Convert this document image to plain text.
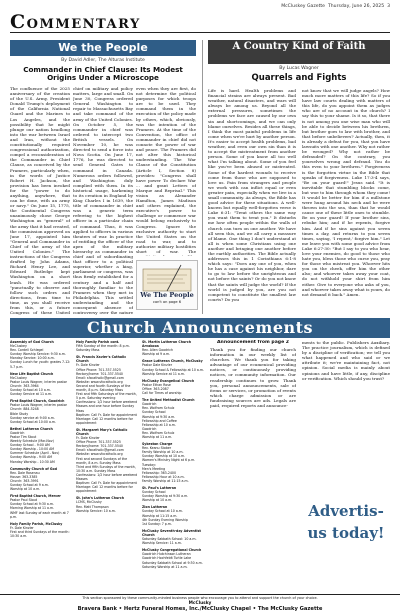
McCluskey Gazette
Thursday, June 26, 2025
3
Commentary
We the People
By David Adler, The Alturas Institute
Commander in Chief Clause: Its Modest Origins Under a Microscope

The confluence of the 2025 anniversary of the creation of the U.S. Army, President Donald Trump's deployment of the California National Guard and the Marines to Los Angeles, and the possibility that he might plunge our nation headlong into the war between Israel and Iran, without the constitutionally required congressional authorization, compel a reconsideration of the Commander in Chief Clause, as conceived by the Framers, particularly when, in the words of Justice Robert H. Jackson, the provision has been invoked for the "power to do anything, anywhere, that can be done, with an army or navy." On June 15, 1775, the Continental Congress unanimously chose George Washington as "general" of the army that it had created, the commission approved on June 17, appointed him "General and Commander in Chief of the army of the United Colonies." The instructions of the Congress drafted by John Adams, Richard Henry Lee, and Edward Rutledge kept Washington on a short leash. He was ordered "punctually to observe and follow such orders and directions, from time to time, as you shall receive from this, or a future Congress of these United

chief on military and policy matters, large and small. On June 30, Congress ordered General Washington to repair to Massachusetts Bay and take command of the army of the United Colonies. On October 5, the commander in chief was ordered to intercept two British vessels. On November 10, he was directed to send a force into Nova Scotia. On June 17, 1776, he was directed to send General Gates to command in Canada. Numerous orders followed, and Washington duly complied with them. In its historical usage, harkening to its creation in England by King Charles I in 1639, the title of commander in chief was a generic term referring to the highest officer in a particular chain of command. Thus, it was applied to officers in various theaters of war. In practice of entitling the officer of the apex of the military hierarchy as commander in chief and of subordinating that officer to a political superior, whether a king, parliament or congress, was thus firmly established for a century and a half and thoroughly familiar to the Framers when they met in Philadelphia. This settled understanding and the consequent absence of controversy over the nature

even when they are first, do not determine the political purposes for which troops are to be used. They command them in the execution of the policy made by others, which, obviously, was the intention of the Framers. At the time of the Convention, the office of commander in chief did not connote the power of war and peace. The Framers did not alter this historical understanding. The War Clause of the Constitution (Article I, Section 8) provides: "Congress shall have power To declare War ... and grant Letters of Marque and Reprisal." This vision as Alexander Hamilton, James Madison and others explained, the executive's power to challenge or commence war would belong exclusively to Congress. Ignore the exclusive authority to start the United States on the road to war, and to authorize military hostilities short of war. The

We The People
con't on page 6
A Country Kind of Faith
By Lucas Wagner
Quarrels and Fights

Life is hard. Health problems and financial strains are always present. Bad weather, natural disasters, and wars will always be among us. Beyond all the external pressures, sometimes the problems we face are caused by our own sin and shortcomings, and we can only blame ourselves. Besides all these things, I think the most painful problems in life come when we're hurt by another person. It's easier to accept health problems, bad weather, and even our own sin than it is to accept the mistreatment from another person. Some of you know all too well what I'm talking about. Some of you feel like you've been abused or mistreated. Some of the hardest wounds to receive come from those who are supposed to love us. Pain from strangers and people we work with can inflict equal or even greater pain, especially when we live in a small community. As always, the Bible has good advice for these situations. A well-known but equally well-forgotten verse is Luke 6:31: "Treat others the same way you want them to treat you." It disturbs me how often people within the walls of church can turn on one another. We have all seen this, and we all carry a measure of blame. One thing I don't understand at all is when some Christians using one another and bringing one another before the earthly authorities. The Bible actually addresses this in 1 Corinthians 6:1-8 which says: "Does any one of you, when he has a case against his neighbor, dare to go to law before the unrighteous and not before the saints? Or do you not know that the saints will judge the world? If the world is judged by you, are you not competent to constitute the smallest law courts? Do you

not know that we will judge angels? How much more matters of this life? So if you have law courts dealing with matters of this life, do you appoint them as judges who are of no account in the church? I say this to your shame. Is it so, that there is not among you one wise man who will be able to decide between his brethren, but brother goes to law with brother, and that before unbelievers? Actually, then, it is already a defeat for you, that you have lawsuits with one another. Why not rather be wronged? Why not rather be defrauded? On the contrary, you yourselves wrong and defraud. You do this even to your brethren." Forgiveness is the forgotten virtue in the Bible that speaks of forgiveness. Luke 17:3-4 says, "Be on your guard!" Jesus said. "It is inevitable that stumbling blocks come, but woe to him through whom they come! It would be better for him if a millstone were hung around his neck and he were thrown into the sea, than that he would cause one of these little ones to stumble. Be on your guard! If your brother sins, rebuke him; and if he repents, forgive him. And if he sins against you seven times a day, and returns to you seven times, saying, 'I repent,' forgive him." Let me leave you with some good advice from Luke 6:27-30: "But I say to you who hear, love your enemies, do good to those who hate you, bless those who curse you, pray for those who mistreat you. Whoever hits you on the cheek, offer him the other also; and whoever takes away your coat, do not withhold your shirt from him either. Give to everyone who asks of you, and whoever takes away what is yours, do not demand it back." Amen.

Church Announcements
Assembly of God Church
McCluskey
Rev. Cordell Schlegel
Sunday Worship Service: 9:30 a.m.
Monday Service: 10:00 a.m.
Sunday Lunch for youth: grades 7-12: 5-7 p.m.
New Life Baptist Church
McCluskey
Pastor Louis Wagner, interim pastor
Church: 363-3964
Sunday School at 10 a.m.
Sunday Service at 11 a.m.
First Baptist Church, Goodrich
Pastor Louis Wagner, interim pastor
Church: 884-5248
Bible Study
Sunday service at 9:00 a.m.
Sunday School at 10:00 a.m.
Bethel Lutheran Church
Goodrich
Pastor Tim Stout
Weekly Schedule (Mar-Nov)
Sunday School - 9:00 AM
Sunday Worship - 10:00 AM
Summer Schedule (April - Nov)
Sunday Worship - 9:00 AM
Monday Worship - 10:30 AM
Community Church of God
Rev. Dale Rosenau
House: 363-3385
Church: 363-3991
Sunday School at 9 a.m.
Worship at 10 a.m.
First Baptist Church, Mercer
Pastor Paul Stout
Sunday School at 9:30 a.m.
Morning Worship at 11 a.m.
WMF last Sunday of each month at 7 p.m.
Holy Family Parish, McClusky
Fr. Dale Kinzler
First and third Sundays of the month: 10:30 a.m.
Holy Family Parish cont.
Fifth Sunday of the month: 8 p.m. Saturday Mass
St. Francis Xavier's Catholic Church
Fr. Dale Kinzler
Office Phone: 701-337-5525
Rectory/home: 701-337-5540
Email: sfxcatholic@gmail.com
Website: www.sfxcatholic.org
Second and fourth Sundays of the month, 8 p.m. Saturday Mass
First and fifth Saturdays of the month, 5 p.m. Saturday evening
Confessions: 1/2 hour before weekend Masses and one hour before Sunday Mass
Baptism: Call Fr. Dale for appointment
Marriage: Call 12 months before for appointment
St. Margaret Mary's Catholic Church
Fr. Dale Kinzler
Office Phone: 701-337-5525
Rectory/home: 701-337-5540
Email: sfxcatholic@gmail.com
Website: www.sfxcatholic.org
First and second Sundays of the month, 8 a.m. Sunday Mass
Third and fifth Sundays of the month, 10:30 a.m. Sunday Mass
Confessions: 1/2 hour before weekend Masses
Baptism: Call Fr. Dale for appointment
Marriage: Call 12 months before for appointment
St. John's Lutheran Church
LCMS, McClusky
Rev. Matt Thompson
Worship Service: 10 a.m.
St. Martin Lutheran Church Arvakooa
Rev. Allen Goodrich
Worship at 9 a.m.
Grace Lutheran Church, McClusky
Pastor Dale Kinzler
Sunday School & Fellowship at 10 a.m. Worship Service at 11 a.m.
McClusky Evangelical Church
Pastor Ethan Rose
Office: 363-2087
Call for Times of worship
The United Methodist Church
Goodrich
Rev. Wolfrom Schulz
Sunday School
Worship at 9:30 a.m.
Fellowship and Coffee
Fellowship at 10 a.m.
Goodrich
Rev. Wolfrom Schulz
Worship at 11 a.m.
Sykeston Charge
Rev. Keanu Stober
Family Worship at 10 a.m.
Sunday Worship at 10 a.m.
Women's Ministry Night at 6 p.m.
Tuesday:
Men's Meeting
Fellowship: 363-2400
Fellowship Hour at 10 a.m.
Family Worship at 11:15 a.m.
St. Paul's Lutheran
Sunday School
Sunday Worship at 9:30 a.m.
Worship at 10 a.m.
Zion Lutheran
Sunday School at 10 a.m.
Worship at 11:15 a.m.
4th Sunday Evening Worship
1st Sunday: 7 p.m.
McClusky Seventh-day Adventist Church
Saturday Sabbath School: 10 a.m.
Worship Service: 11 a.m.
McClusky Congregational Church
Goodrich Hutchinson Lutheran
Goodrich Hochfeldt Turtle Lake
Saturday Sabbath School at 9:30 a.m.
Saturday Worship at 11 a.m.
Announcement from page 2

Thank you for finding our church information in our weekly list of churches. We thank you for taking advantage of our ecumenical providing notices, or continuously providing notices, or community information. Our readership continues to grow. Thank you, personal announcements, sale of items or services, or promotion of events which charge admission or are fundraising sources are ads. Legals are paid, required reports and announce-

ments to the public. Publishers Auxiliary. The practice journalism, which is defined by a discipline of verification; we tell you what happened and who said or we attribute it; we're maintaining fact, not opinion. Social media is mainly about opinions and have little, if any, discipline or verification. Which should you trust?

Advertis-
us today!
This section sponsored by these community-minded business people who encourage you to attend and support the church of your choice.
McClusky
Bravera Bank • Hertz Funeral Homes, Inc./McClusky Chapel • The McClusky Gazette
